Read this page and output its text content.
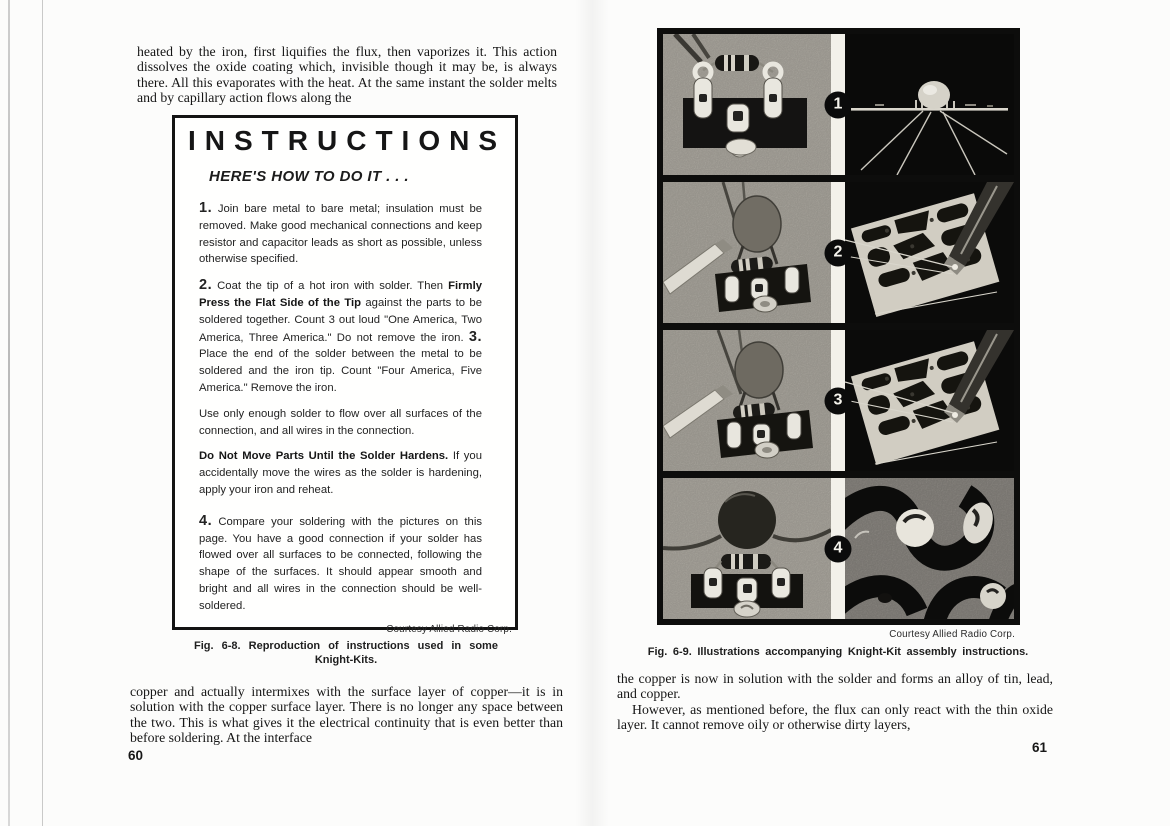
heated by the iron, first liquifies the flux, then vaporizes it. This action dissolves the oxide coating which, invisible though it may be, is always there. All this evaporates with the heat. At the same instant the solder melts and by capillary action flows along the

INSTRUCTIONS
HERE'S HOW TO DO IT . . .

1. Join bare metal to bare metal; insulation must be removed. Make good mechanical connections and keep resistor and capacitor leads as short as possible, unless otherwise specified.

2. Coat the tip of a hot iron with solder. Then Firmly Press the Flat Side of the Tip against the parts to be soldered together. Count 3 out loud "One America, Two America, Three America." Do not remove the iron. 3. Place the end of the solder between the metal to be soldered and the iron tip. Count "Four America, Five America." Remove the iron.

Use only enough solder to flow over all surfaces of the connection, and all wires in the connection.

Do Not Move Parts Until the Solder Hardens. If you accidentally move the wires as the solder is hardening, apply your iron and reheat.

4. Compare your soldering with the pictures on this page. You have a good connection if your solder has flowed over all surfaces to be connected, following the shape of the surfaces. It should appear smooth and bright and all wires in the connection should be well-soldered.

Courtesy Allied Radio Corp.
Fig. 6-8. Reproduction of instructions used in some
Knight-Kits.

copper and actually intermixes with the surface layer of copper—it is in solution with the copper surface layer. There is no longer any space between the two. This is what gives it the electrical continuity that is even better than before soldering. At the interface

60
1
2
3
4
Courtesy Allied Radio Corp.
Fig. 6-9. Illustrations accompanying Knight-Kit assembly instructions.

the copper is now in solution with the solder and forms an alloy of tin, lead, and copper.

However, as mentioned before, the flux can only react with the thin oxide layer. It cannot remove oily or otherwise dirty layers,

61
